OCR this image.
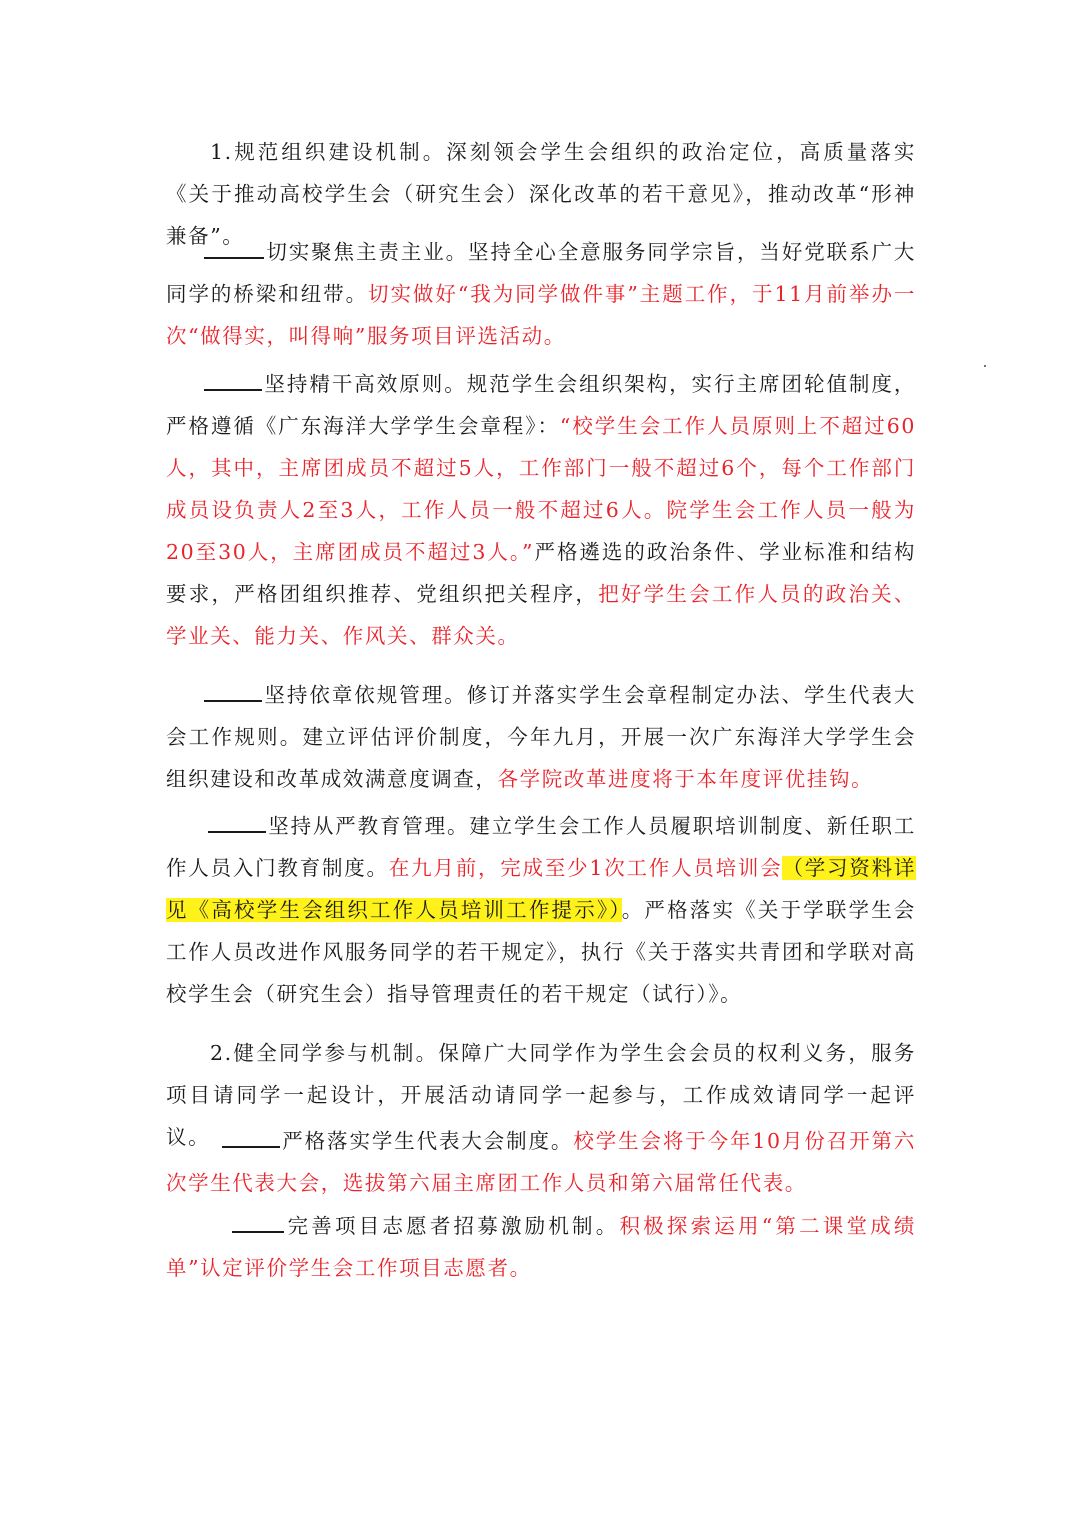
1.规范组织建设机制。深刻领会学生会组织的政治定位，高质量落实《关于推动高校学生会（研究生会）深化改革的若干意见》，推动改革“形神兼备”。

切实聚焦主责主业。坚持全心全意服务同学宗旨，当好党联系广大同学的桥梁和纽带。切实做好“我为同学做件事”主题工作，于11月前举办一次“做得实，叫得响”服务项目评选活动。

坚持精干高效原则。规范学生会组织架构，实行主席团轮值制度，严格遵循《广东海洋大学学生会章程》：“校学生会工作人员原则上不超过60人，其中，主席团成员不超过5人，工作部门一般不超过6个，每个工作部门成员设负责人2至3人，工作人员一般不超过6人。院学生会工作人员一般为20至30人，主席团成员不超过3人。”严格遴选的政治条件、学业标准和结构要求，严格团组织推荐、党组织把关程序，把好学生会工作人员的政治关、学业关、能力关、作风关、群众关。

坚持依章依规管理。修订并落实学生会章程制定办法、学生代表大会工作规则。建立评估评价制度，今年九月，开展一次广东海洋大学学生会组织建设和改革成效满意度调查，各学院改革进度将于本年度评优挂钩。

坚持从严教育管理。建立学生会工作人员履职培训制度、新任职工作人员入门教育制度。在九月前，完成至少1次工作人员培训会（学习资料详见《高校学生会组织工作人员培训工作提示》）。严格落实《关于学联学生会工作人员改进作风服务同学的若干规定》，执行《关于落实共青团和学联对高校学生会（研究生会）指导管理责任的若干规定（试行）》。

2.健全同学参与机制。保障广大同学作为学生会会员的权利义务，服务项目请同学一起设计，开展活动请同学一起参与，工作成效请同学一起评议。	严格落实学生代表大会制度。校学生会将于今年10月份召开第六次学生代表大会，选拔第六届主席团工作人员和第六届常任代表。

完善项目志愿者招募激励机制。积极探索运用“第二课堂成绩单”认定评价学生会工作项目志愿者。
